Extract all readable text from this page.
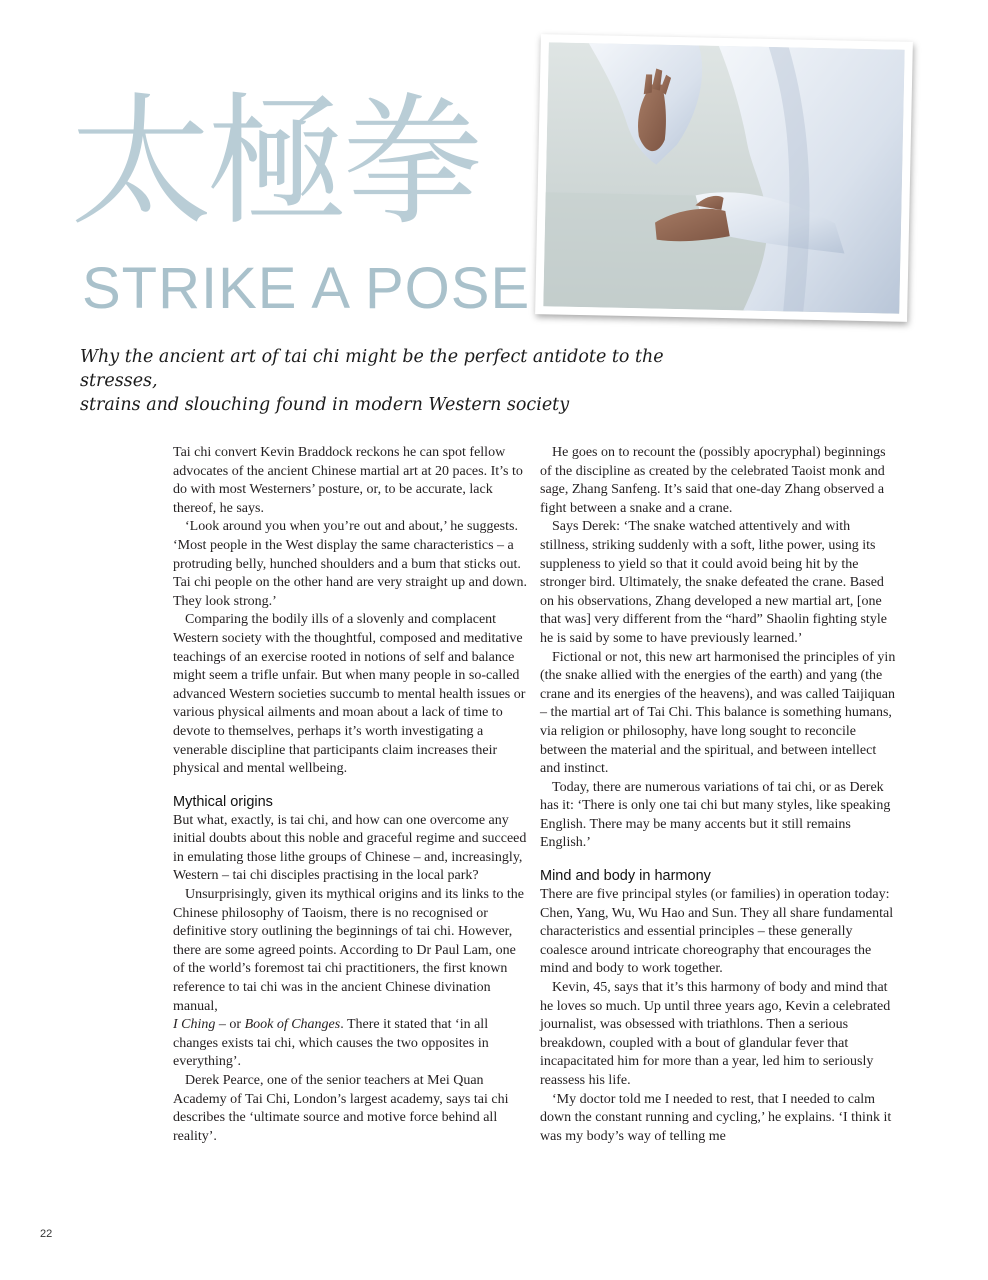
太極拳
STRIKE A POSE
Why the ancient art of tai chi might be the perfect antidote to the stresses,
strains and slouching found in modern Western society

Tai chi convert Kevin Braddock reckons he can spot fellow advocates of the ancient Chinese martial art at 20 paces. It’s to do with most Westerners’ posture, or, to be accurate, lack thereof, he says.

‘Look around you when you’re out and about,’ he suggests. ‘Most people in the West display the same characteristics – a protruding belly, hunched shoulders and a bum that sticks out. Tai chi people on the other hand are very straight up and down. They look strong.’

Comparing the bodily ills of a slovenly and complacent Western society with the thoughtful, composed and meditative teachings of an exercise rooted in notions of self and balance might seem a trifle unfair. But when many people in so-called advanced Western societies succumb to mental health issues or various physical ailments and moan about a lack of time to devote to themselves, perhaps it’s worth investigating a venerable discipline that participants claim increases their physical and mental wellbeing.

Mythical origins

But what, exactly, is tai chi, and how can one overcome any initial doubts about this noble and graceful regime and succeed in emulating those lithe groups of Chinese – and, increasingly, Western – tai chi disciples practising in the local park?

Unsurprisingly, given its mythical origins and its links to the Chinese philosophy of Taoism, there is no recognised or definitive story outlining the beginnings of tai chi. However, there are some agreed points. According to Dr Paul Lam, one of the world’s foremost tai chi practitioners, the first known reference to tai chi was in the ancient Chinese divination manual,
I Ching – or Book of Changes. There it stated that ‘in all changes exists tai chi, which causes the two opposites in everything’.

Derek Pearce, one of the senior teachers at Mei Quan Academy of Tai Chi, London’s largest academy, says tai chi describes the ‘ultimate source and motive force behind all reality’.

He goes on to recount the (possibly apocryphal) beginnings of the discipline as created by the celebrated Taoist monk and sage, Zhang Sanfeng. It’s said that one-day Zhang observed a fight between a snake and a crane.

Says Derek: ‘The snake watched attentively and with stillness, striking suddenly with a soft, lithe power, using its suppleness to yield so that it could avoid being hit by the stronger bird. Ultimately, the snake defeated the crane. Based on his observations, Zhang developed a new martial art, [one that was] very different from the “hard” Shaolin fighting style he is said by some to have previously learned.’

Fictional or not, this new art harmonised the principles of yin (the snake allied with the energies of the earth) and yang (the crane and its energies of the heavens), and was called Taijiquan – the martial art of Tai Chi. This balance is something humans, via religion or philosophy, have long sought to reconcile between the material and the spiritual, and between intellect and instinct.

Today, there are numerous variations of tai chi, or as Derek has it: ‘There is only one tai chi but many styles, like speaking English. There may be many accents but it still remains English.’

Mind and body in harmony

There are five principal styles (or families) in operation today: Chen, Yang, Wu, Wu Hao and Sun. They all share fundamental characteristics and essential principles – these generally coalesce around intricate choreography that encourages the mind and body to work together.

Kevin, 45, says that it’s this harmony of body and mind that he loves so much. Up until three years ago, Kevin a celebrated journalist, was obsessed with triathlons. Then a serious breakdown, coupled with a bout of glandular fever that incapacitated him for more than a year, led him to seriously reassess his life.

‘My doctor told me I needed to rest, that I needed to calm down the constant running and cycling,’ he explains. ‘I think it was my body’s way of telling me

22
